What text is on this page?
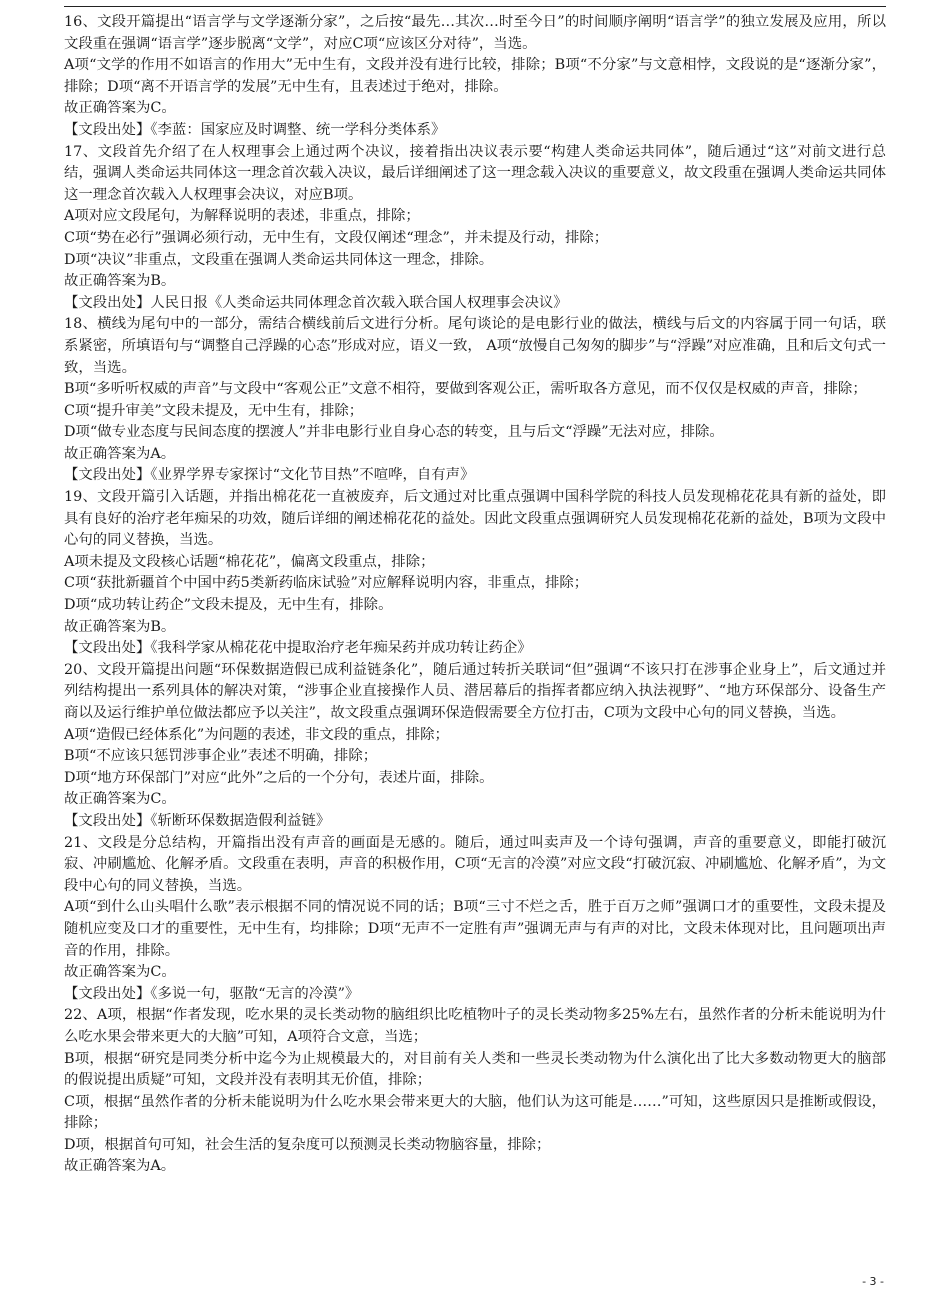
16、文段开篇提出“语言学与文学逐渐分家”，之后按“最先…其次…时至今日”的时间顺序阐明“语言学”的独立发展及应用，所以文段重在强调“语言学”逐步脱离“文学”，对应C项“应该区分对待”，当选。

A项“文学的作用不如语言的作用大”无中生有，文段并没有进行比较，排除；B项“不分家”与文意相悖，文段说的是“逐渐分家”，排除；D项“离不开语言学的发展”无中生有，且表述过于绝对，排除。

故正确答案为C。

【文段出处】《李蓝：国家应及时调整、统一学科分类体系》

17、文段首先介绍了在人权理事会上通过两个决议，接着指出决议表示要“构建人类命运共同体”，随后通过“这”对前文进行总结，强调人类命运共同体这一理念首次载入决议，最后详细阐述了这一理念载入决议的重要意义，故文段重在强调人类命运共同体这一理念首次载入人权理事会决议，对应B项。

A项对应文段尾句，为解释说明的表述，非重点，排除；

C项“势在必行”强调必须行动，无中生有，文段仅阐述“理念”，并未提及行动，排除；

D项“决议”非重点，文段重在强调人类命运共同体这一理念，排除。

故正确答案为B。

【文段出处】人民日报《人类命运共同体理念首次载入联合国人权理事会决议》

18、横线为尾句中的一部分，需结合横线前后文进行分析。尾句谈论的是电影行业的做法，横线与后文的内容属于同一句话，联系紧密，所填语句与“调整自己浮躁的心态”形成对应，语义一致， A项“放慢自己匆匆的脚步”与“浮躁”对应准确，且和后文句式一致，当选。

B项“多听听权威的声音”与文段中“客观公正”文意不相符，要做到客观公正，需听取各方意见，而不仅仅是权威的声音，排除；

C项“提升审美”文段未提及，无中生有，排除；

D项“做专业态度与民间态度的摆渡人”并非电影行业自身心态的转变，且与后文“浮躁”无法对应，排除。

故正确答案为A。

【文段出处】《业界学界专家探讨“文化节目热”不喧哗，自有声》

19、文段开篇引入话题，并指出棉花花一直被废弃，后文通过对比重点强调中国科学院的科技人员发现棉花花具有新的益处，即具有良好的治疗老年痴呆的功效，随后详细的阐述棉花花的益处。因此文段重点强调研究人员发现棉花花新的益处，B项为文段中心句的同义替换，当选。

A项未提及文段核心话题“棉花花”，偏离文段重点，排除；

C项“获批新疆首个中国中药5类新药临床试验”对应解释说明内容，非重点，排除；

D项“成功转让药企”文段未提及，无中生有，排除。

故正确答案为B。

【文段出处】《我科学家从棉花花中提取治疗老年痴呆药并成功转让药企》

20、文段开篇提出问题“环保数据造假已成利益链条化”，随后通过转折关联词“但”强调“不该只打在涉事企业身上”，后文通过并列结构提出一系列具体的解决对策，“涉事企业直接操作人员、潜居幕后的指挥者都应纳入执法视野”、“地方环保部分、设备生产商以及运行维护单位做法都应予以关注”，故文段重点强调环保造假需要全方位打击，C项为文段中心句的同义替换，当选。

A项“造假已经体系化”为问题的表述，非文段的重点，排除；

B项“不应该只惩罚涉事企业”表述不明确，排除；

D项“地方环保部门”对应“此外”之后的一个分句，表述片面，排除。

故正确答案为C。

【文段出处】《斩断环保数据造假利益链》

21、文段是分总结构，开篇指出没有声音的画面是无感的。随后，通过叫卖声及一个诗句强调，声音的重要意义，即能打破沉寂、冲刷尴尬、化解矛盾。文段重在表明，声音的积极作用，C项“无言的冷漠”对应文段“打破沉寂、冲刷尴尬、化解矛盾”，为文段中心句的同义替换，当选。

A项“到什么山头唱什么歌”表示根据不同的情况说不同的话；B项“三寸不烂之舌，胜于百万之师”强调口才的重要性，文段未提及随机应变及口才的重要性，无中生有，均排除；D项“无声不一定胜有声”强调无声与有声的对比，文段未体现对比，且问题项出声音的作用，排除。

故正确答案为C。

【文段出处】《多说一句，驱散“无言的冷漠”》

22、A项，根据“作者发现，吃水果的灵长类动物的脑组织比吃植物叶子的灵长类动物多25%左右，虽然作者的分析未能说明为什么吃水果会带来更大的大脑”可知，A项符合文意，当选；

B项，根据“研究是同类分析中迄今为止规模最大的，对目前有关人类和一些灵长类动物为什么演化出了比大多数动物更大的脑部的假说提出质疑”可知，文段并没有表明其无价值，排除；

C项，根据“虽然作者的分析未能说明为什么吃水果会带来更大的大脑，他们认为这可能是……”可知，这些原因只是推断或假设，排除；

D项，根据首句可知，社会生活的复杂度可以预测灵长类动物脑容量，排除；

故正确答案为A。

- 3 -
